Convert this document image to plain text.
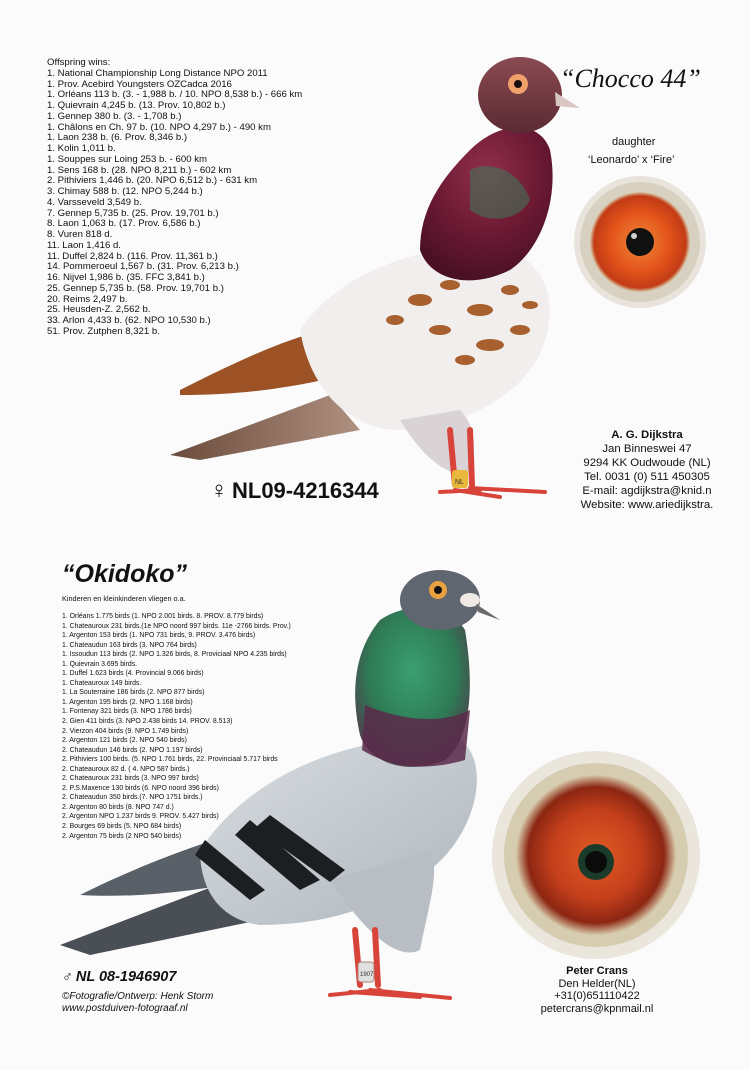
NL
1907
Offspring wins:
1. National Championship Long Distance NPO 2011
1. Prov. Acebird Youngsters OZCadca 2016
1. Orléans 113 b. (3. - 1,988 b. / 10. NPO 8,538 b.) - 666 km
1. Quievrain 4,245 b. (13. Prov. 10,802 b.)
1. Gennep 380 b. (3. - 1,708 b.)
1. Châlons en Ch. 97 b. (10. NPO 4,297 b.) - 490 km
1. Laon 238 b. (6. Prov. 8,346 b.)
1. Kolin 1,011 b.
1. Souppes sur Loing 253 b. - 600 km
1. Sens 168 b. (28. NPO 8,211 b.) - 602 km
2. Pithiviers 1,446 b. (20. NPO 6,512 b.) - 631 km
3. Chimay 588 b. (12. NPO 5,244 b.)
4. Varsseveld 3,549 b.
7. Gennep 5,735 b. (25. Prov. 19,701 b.)
8. Laon 1,063 b. (17. Prov. 6,586 b.)
8. Vuren 818 d.
11. Laon 1,416 d.
11. Duffel 2,824 b. (116. Prov. 11,361 b.)
14. Pommeroeul 1,567 b. (31. Prov. 6,213 b.)
16. Nijvel 1,986 b. (35. FFC 3,841 b.)
25. Gennep 5,735 b. (58. Prov. 19,701 b.)
20. Reims 2,497 b.
25. Heusden-Z. 2,562 b.
33. Arlon 4,433 b. (62. NPO 10,530 b.)
51. Prov. Zutphen 8,321 b.
“Chocco 44”
daughter
‘Leonardo’ x ‘Fire’
♀ NL09-4216344
A. G. Dijkstra
Jan Binneswei 47
9294 KK Oudwoude (NL)
Tel. 0031 (0) 511 450305
E-mail: agdijkstra@knid.n
Website: www.ariedijkstra.
“Okidoko”
Kinderen en kleinkinderen vliegen o.a.
1. Orléans 1.775 birds (1. NPO 2.001 birds. 8. PROV. 8.779 birds)
1. Chateauroux 231 birds.(1e NPO noord 997 birds. 11e -2766 birds. Prov.)
1. Argenton 153 birds (1. NPO 731 birds, 9. PROV. 3.476 birds)
1. Chateaudun 163 birds (3. NPO 764 birds)
1. Issoudun 113 birds (2. NPO 1.326 birds, 8. Proviciaal NPO 4.235 birds)
1. Quievrain 3.695 birds.
1. Duffel 1.623 birds (4. Provincial 9.066 birds)
1. Chateauroux 149 birds.
1. La Souterraine 186 birds (2. NPO 877 birds)
1. Argenton 195 birds (2. NPO 1.168 birds)
1. Fontenay 321 birds (3. NPO 1786 birds)
2. Gien 411 birds (3. NPO 2.438 birds 14. PROV. 8.513)
2. Vierzon 404 birds (9. NPO 1.749 birds)
2. Argenton 121 birds (2. NPO 540 birds)
2. Chateaudun 146 birds (2. NPO 1.197 birds)
2. Pithiviers 100 birds. (5. NPO 1.761 birds, 22. Provinciaal 5.717 birds
2. Chateauroux 82 d. ( 4. NPO 587 birds.)
2. Chateauroux 231 birds (3. NPO 997 birds)
2. P.S.Maxence 130 birds (6. NPO noord 396 birds)
2. Chateaudun 350 birds.(7. NPO 1751 birds.)
2. Argenton 80 birds (8. NPO 747 d.)
2. Argenton NPO 1.237 birds 9. PROV. 5.427 birds)
2. Bourges 69 birds (5. NPO 684 birds)
2. Argenton 75 birds (2 NPO 540 birds)
♂ NL 08-1946907
©Fotografie/Ontwerp: Henk Storm
www.postduiven-fotograaf.nl
Peter Crans
Den Helder(NL)
+31(0)651110422
petercrans@kpnmail.nl
